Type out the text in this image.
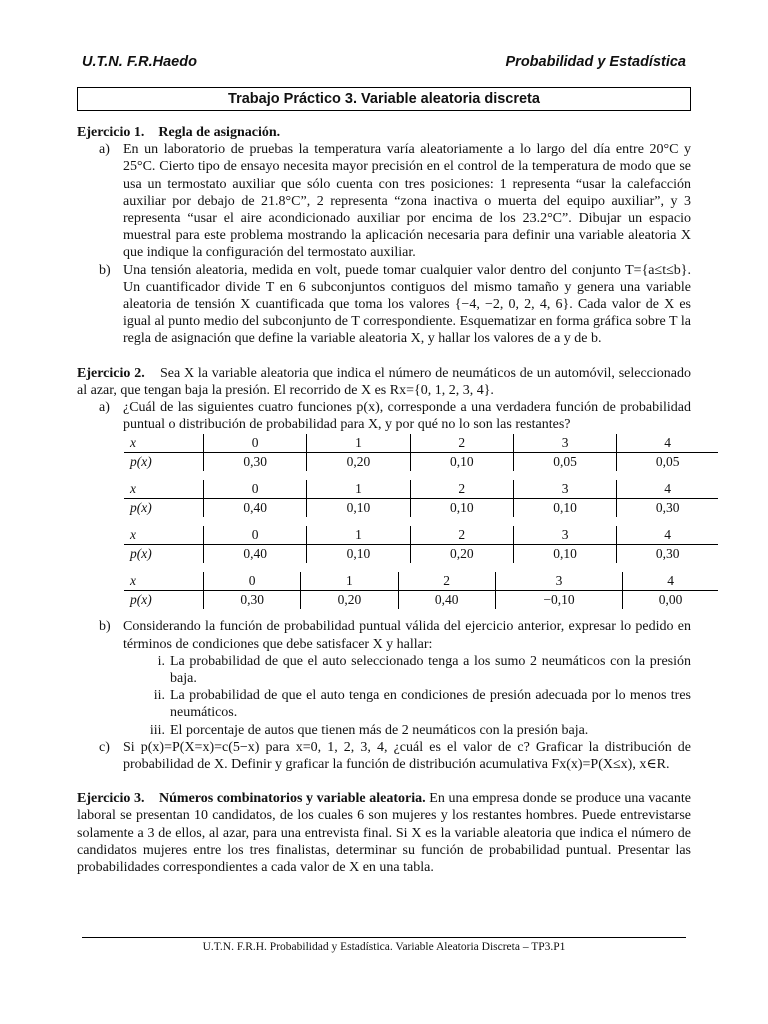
U.T.N. F.R.Haedo	Probabilidad y Estadística
Trabajo Práctico 3. Variable aleatoria discreta

Ejercicio 1. Regla de asignación.

a) En un laboratorio de pruebas la temperatura varía aleatoriamente a lo largo del día entre 20°C y 25°C. Cierto tipo de ensayo necesita mayor precisión en el control de la temperatura de modo que se usa un termostato auxiliar que sólo cuenta con tres posiciones: 1 representa “usar la calefacción auxiliar por debajo de 21.8°C”, 2 representa “zona inactiva o muerta del equipo auxiliar”, y 3 representa “usar el aire acondicionado auxiliar por encima de los 23.2°C”. Dibujar un espacio muestral para este problema mostrando la aplicación necesaria para definir una variable aleatoria X que indique la configuración del termostato auxiliar.
b) Una tensión aleatoria, medida en volt, puede tomar cualquier valor dentro del conjunto T={a≤t≤b}. Un cuantificador divide T en 6 subconjuntos contiguos del mismo tamaño y genera una variable aleatoria de tensión X cuantificada que toma los valores {−4, −2, 0, 2, 4, 6}. Cada valor de X es igual al punto medio del subconjunto de T correspondiente. Esquematizar en forma gráfica sobre T la regla de asignación que define la variable aleatoria X, y hallar los valores de a y de b.

Ejercicio 2. Sea X la variable aleatoria que indica el número de neumáticos de un automóvil, seleccionado al azar, que tengan baja la presión. El recorrido de X es Rx={0, 1, 2, 3, 4}.

a) ¿Cuál de las siguientes cuatro funciones p(x), corresponde a una verdadera función de probabilidad puntual o distribución de probabilidad para X, y por qué no lo son las restantes?
x	0	1	2	3	4
p(x)	0,30	0,20	0,10	0,05	0,05
x	0	1	2	3	4
p(x)	0,40	0,10	0,10	0,10	0,30
x	0	1	2	3	4
p(x)	0,40	0,10	0,20	0,10	0,30
x	0	1	2	3	4
p(x)	0,30	0,20	0,40	−0,10	0,00
b) Considerando la función de probabilidad puntual válida del ejercicio anterior, expresar lo pedido en términos de condiciones que debe satisfacer X y hallar:
i. La probabilidad de que el auto seleccionado tenga a los sumo 2 neumáticos con la presión baja.
ii. La probabilidad de que el auto tenga en condiciones de presión adecuada por lo menos tres neumáticos.
iii. El porcentaje de autos que tienen más de 2 neumáticos con la presión baja.
c) Si p(x)=P(X=x)=c(5−x) para x=0, 1, 2, 3, 4, ¿cuál es el valor de c? Graficar la distribución de probabilidad de X. Definir y graficar la función de distribución acumulativa Fx(x)=P(X≤x), x∈R.

Ejercicio 3. Números combinatorios y variable aleatoria. En una empresa donde se produce una vacante laboral se presentan 10 candidatos, de los cuales 6 son mujeres y los restantes hombres. Puede entrevistarse solamente a 3 de ellos, al azar, para una entrevista final. Si X es la variable aleatoria que indica el número de candidatos mujeres entre los tres finalistas, determinar su función de probabilidad puntual. Presentar las probabilidades correspondientes a cada valor de X en una tabla.

U.T.N. F.R.H. Probabilidad y Estadística. Variable Aleatoria Discreta – TP3.P1
